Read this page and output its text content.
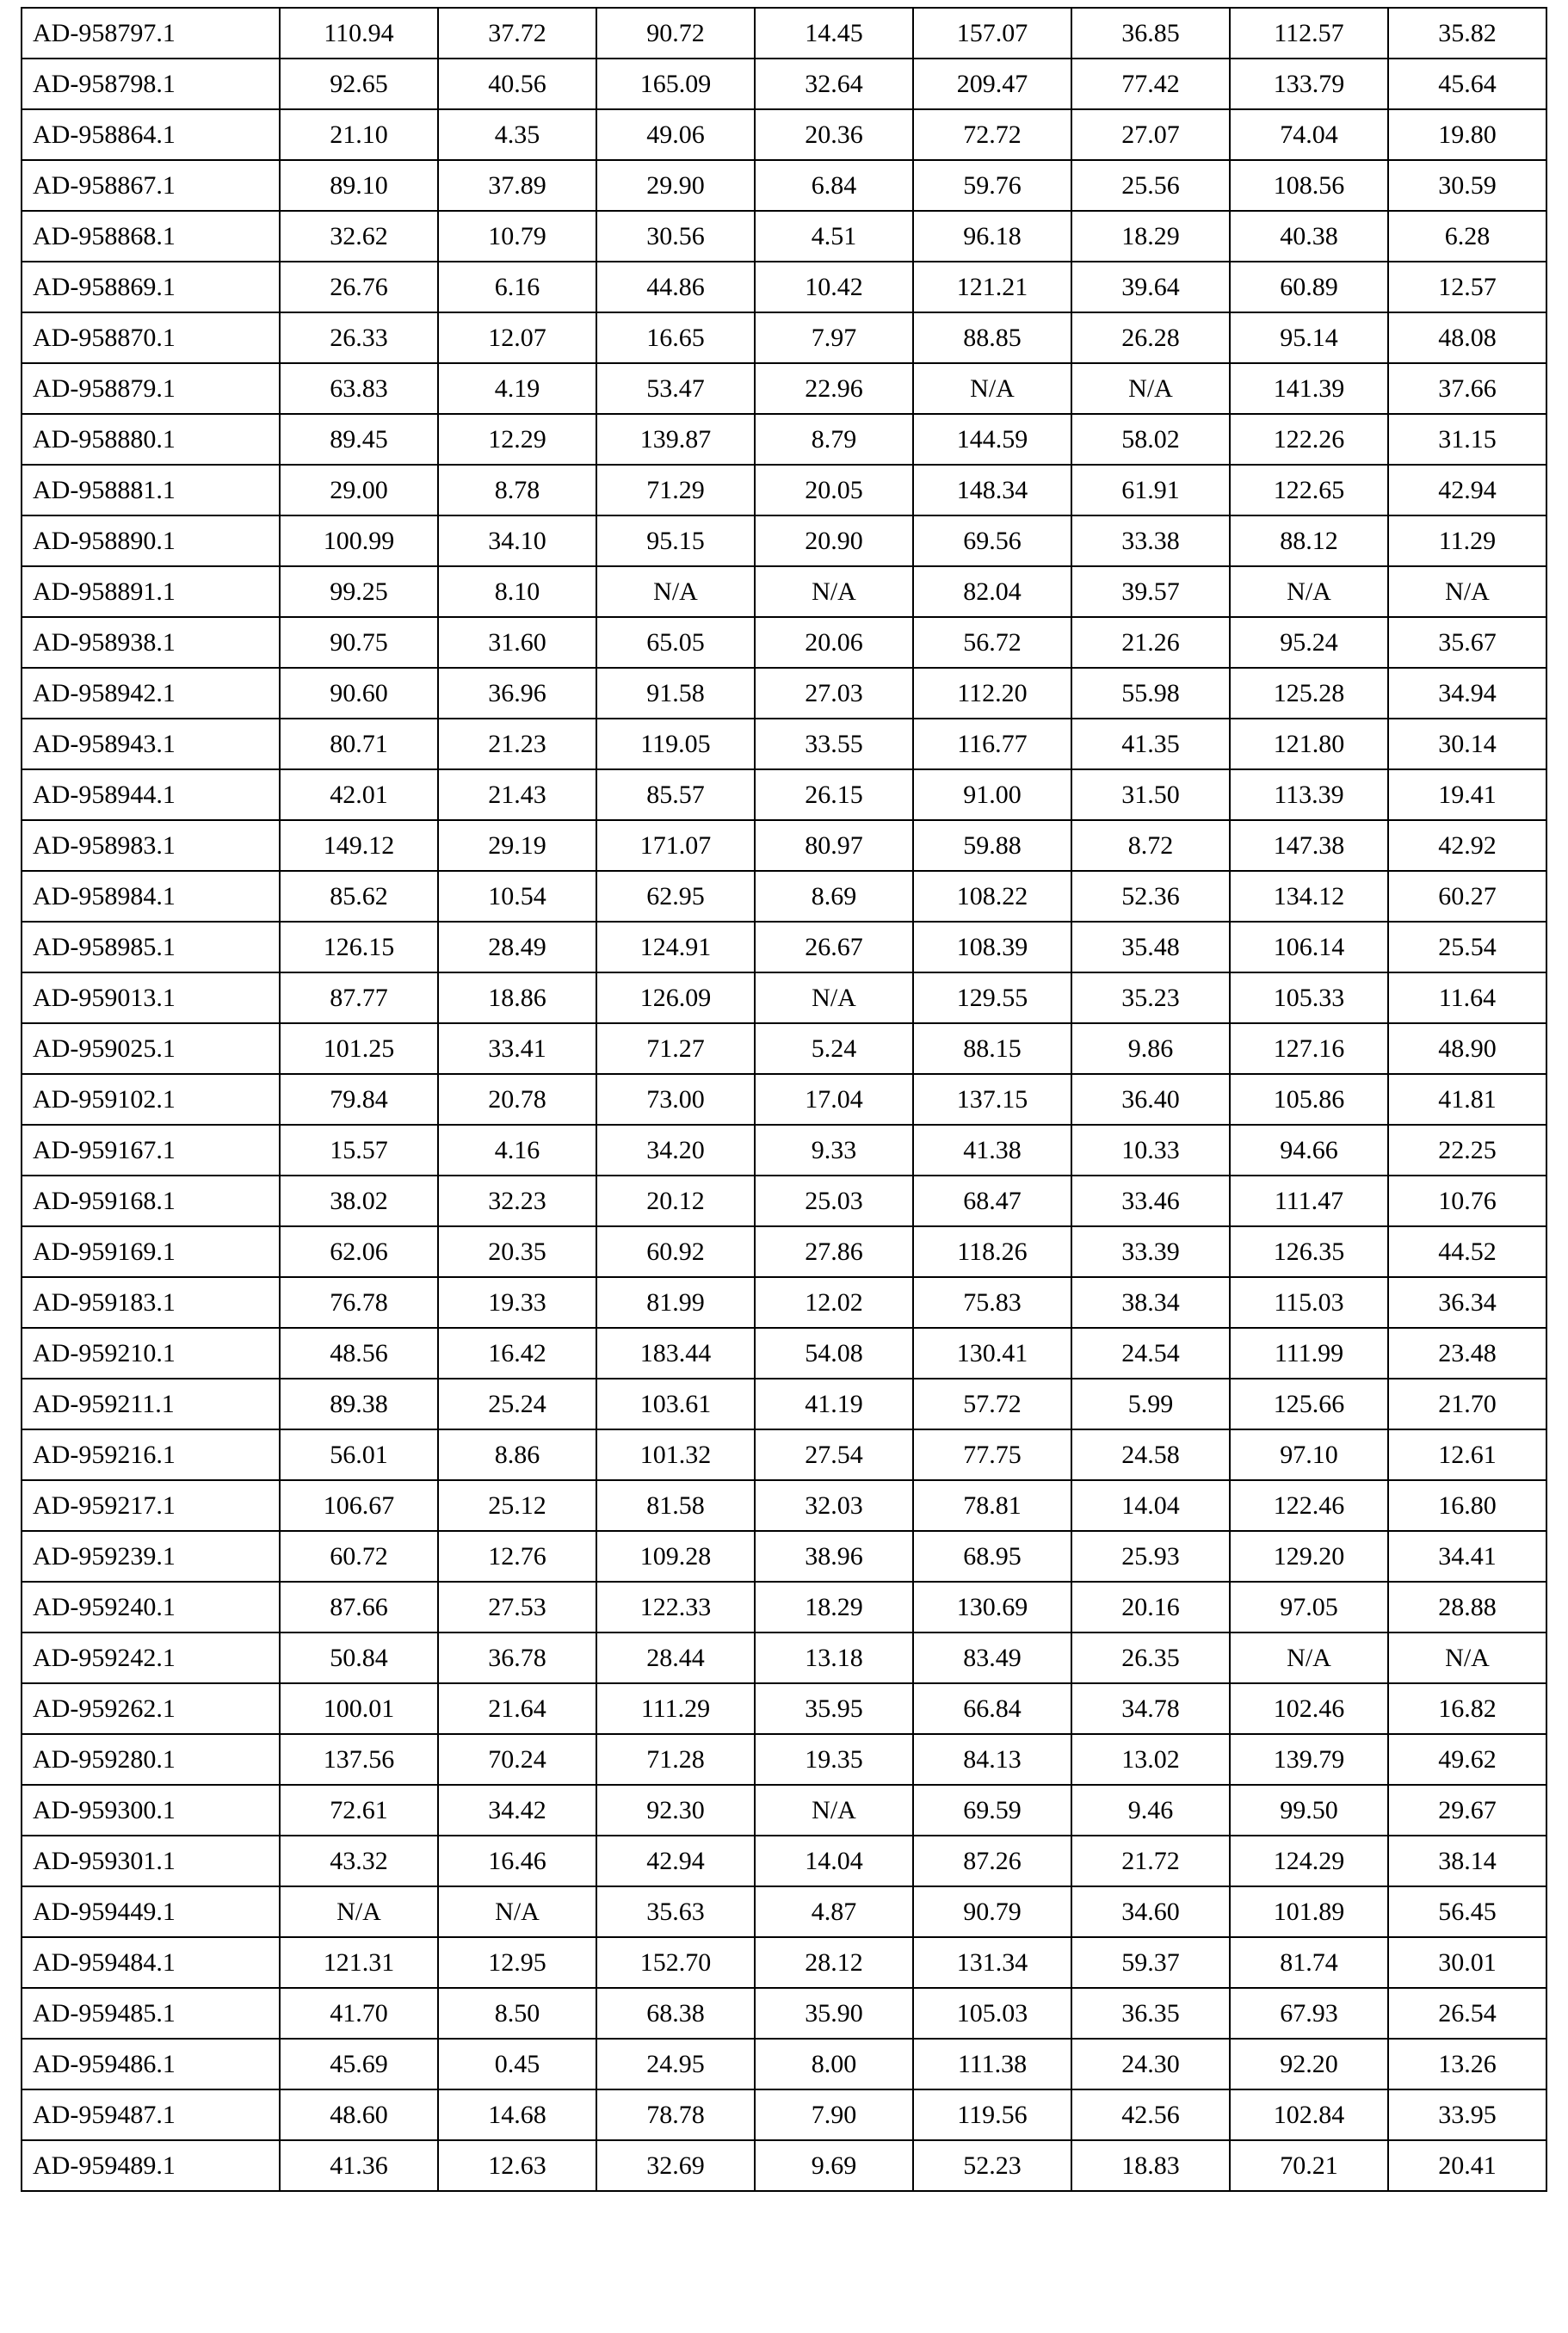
AD-958797.1	110.94	37.72	90.72	14.45	157.07	36.85	112.57	35.82
AD-958798.1	92.65	40.56	165.09	32.64	209.47	77.42	133.79	45.64
AD-958864.1	21.10	4.35	49.06	20.36	72.72	27.07	74.04	19.80
AD-958867.1	89.10	37.89	29.90	6.84	59.76	25.56	108.56	30.59
AD-958868.1	32.62	10.79	30.56	4.51	96.18	18.29	40.38	6.28
AD-958869.1	26.76	6.16	44.86	10.42	121.21	39.64	60.89	12.57
AD-958870.1	26.33	12.07	16.65	7.97	88.85	26.28	95.14	48.08
AD-958879.1	63.83	4.19	53.47	22.96	N/A	N/A	141.39	37.66
AD-958880.1	89.45	12.29	139.87	8.79	144.59	58.02	122.26	31.15
AD-958881.1	29.00	8.78	71.29	20.05	148.34	61.91	122.65	42.94
AD-958890.1	100.99	34.10	95.15	20.90	69.56	33.38	88.12	11.29
AD-958891.1	99.25	8.10	N/A	N/A	82.04	39.57	N/A	N/A
AD-958938.1	90.75	31.60	65.05	20.06	56.72	21.26	95.24	35.67
AD-958942.1	90.60	36.96	91.58	27.03	112.20	55.98	125.28	34.94
AD-958943.1	80.71	21.23	119.05	33.55	116.77	41.35	121.80	30.14
AD-958944.1	42.01	21.43	85.57	26.15	91.00	31.50	113.39	19.41
AD-958983.1	149.12	29.19	171.07	80.97	59.88	8.72	147.38	42.92
AD-958984.1	85.62	10.54	62.95	8.69	108.22	52.36	134.12	60.27
AD-958985.1	126.15	28.49	124.91	26.67	108.39	35.48	106.14	25.54
AD-959013.1	87.77	18.86	126.09	N/A	129.55	35.23	105.33	11.64
AD-959025.1	101.25	33.41	71.27	5.24	88.15	9.86	127.16	48.90
AD-959102.1	79.84	20.78	73.00	17.04	137.15	36.40	105.86	41.81
AD-959167.1	15.57	4.16	34.20	9.33	41.38	10.33	94.66	22.25
AD-959168.1	38.02	32.23	20.12	25.03	68.47	33.46	111.47	10.76
AD-959169.1	62.06	20.35	60.92	27.86	118.26	33.39	126.35	44.52
AD-959183.1	76.78	19.33	81.99	12.02	75.83	38.34	115.03	36.34
AD-959210.1	48.56	16.42	183.44	54.08	130.41	24.54	111.99	23.48
AD-959211.1	89.38	25.24	103.61	41.19	57.72	5.99	125.66	21.70
AD-959216.1	56.01	8.86	101.32	27.54	77.75	24.58	97.10	12.61
AD-959217.1	106.67	25.12	81.58	32.03	78.81	14.04	122.46	16.80
AD-959239.1	60.72	12.76	109.28	38.96	68.95	25.93	129.20	34.41
AD-959240.1	87.66	27.53	122.33	18.29	130.69	20.16	97.05	28.88
AD-959242.1	50.84	36.78	28.44	13.18	83.49	26.35	N/A	N/A
AD-959262.1	100.01	21.64	111.29	35.95	66.84	34.78	102.46	16.82
AD-959280.1	137.56	70.24	71.28	19.35	84.13	13.02	139.79	49.62
AD-959300.1	72.61	34.42	92.30	N/A	69.59	9.46	99.50	29.67
AD-959301.1	43.32	16.46	42.94	14.04	87.26	21.72	124.29	38.14
AD-959449.1	N/A	N/A	35.63	4.87	90.79	34.60	101.89	56.45
AD-959484.1	121.31	12.95	152.70	28.12	131.34	59.37	81.74	30.01
AD-959485.1	41.70	8.50	68.38	35.90	105.03	36.35	67.93	26.54
AD-959486.1	45.69	0.45	24.95	8.00	111.38	24.30	92.20	13.26
AD-959487.1	48.60	14.68	78.78	7.90	119.56	42.56	102.84	33.95
AD-959489.1	41.36	12.63	32.69	9.69	52.23	18.83	70.21	20.41
